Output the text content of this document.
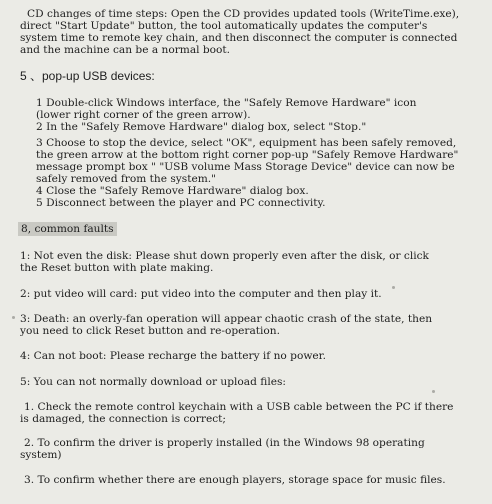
CD changes of time steps: Open the CD provides updated tools (WriteTime.exe),
direct "Start Update" button, the tool automatically updates the computer's
system time to remote key chain, and then disconnect the computer is connected
and the machine can be a normal boot.
5 、pop-up USB devices:
1 Double-click Windows interface, the "Safely Remove Hardware" icon
(lower right corner of the green arrow).
2 In the "Safely Remove Hardware" dialog box, select "Stop."
3 Choose to stop the device, select "OK", equipment has been safely removed,
the green arrow at the bottom right corner pop-up "Safely Remove Hardware"
message prompt box " "USB volume Mass Storage Device" device can now be
safely removed from the system."
4 Close the "Safely Remove Hardware" dialog box.
5 Disconnect between the player and PC connectivity.
8, common faults
1: Not even the disk: Please shut down properly even after the disk, or click
the Reset button with plate making.
2: put video will card: put video into the computer and then play it.
3: Death: an overly-fan operation will appear chaotic crash of the state, then
you need to click Reset button and re-operation.
4: Can not boot: Please recharge the battery if no power.
5: You can not normally download or upload files:
1. Check the remote control keychain with a USB cable between the PC if there
is damaged, the connection is correct;
2. To confirm the driver is properly installed (in the Windows 98 operating
system)
3. To confirm whether there are enough players, storage space for music files.
